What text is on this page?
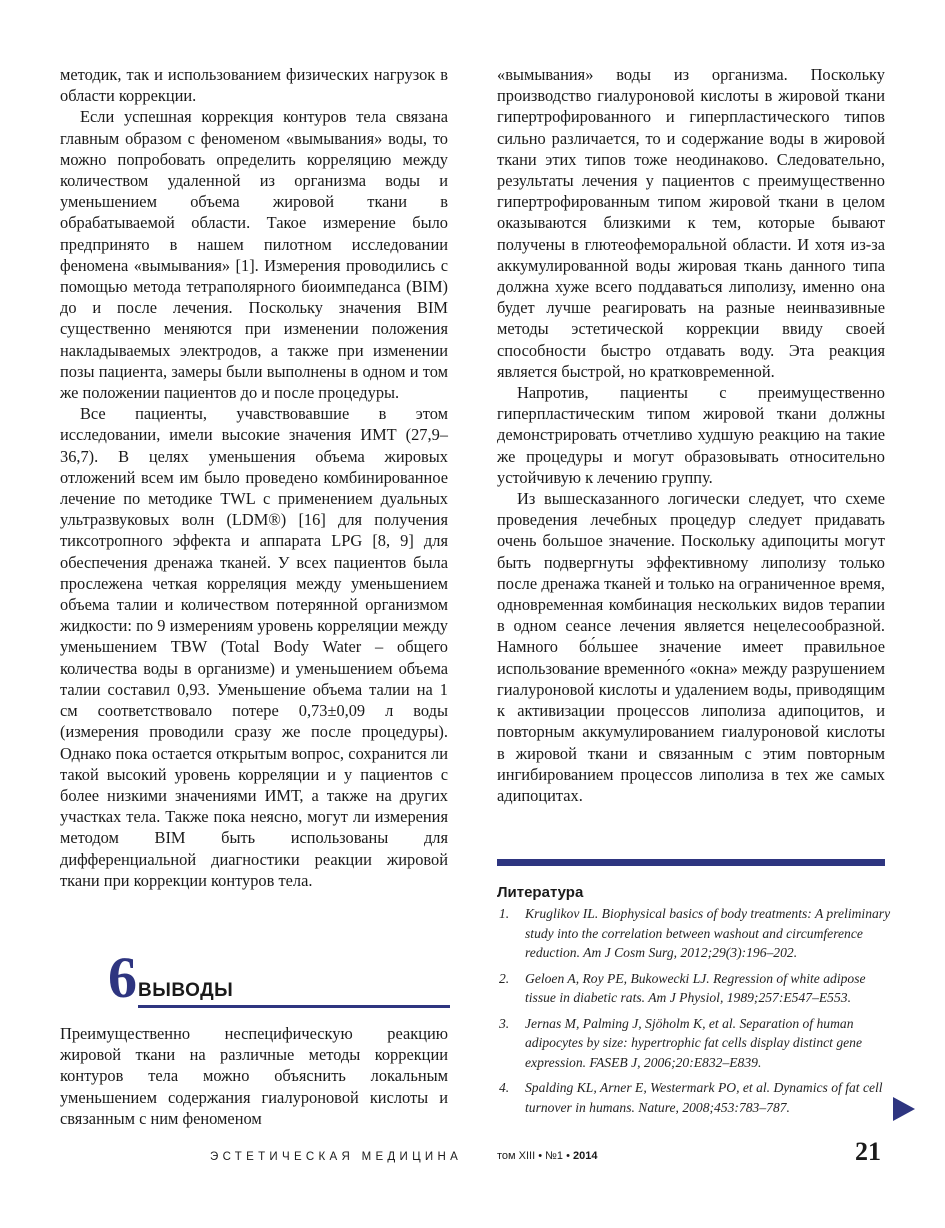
методик, так и использованием физических нагрузок в области коррекции.

Если успешная коррекция контуров тела связана главным образом с феноменом «вымывания» воды, то можно попробовать определить корреляцию между количеством удаленной из организма воды и уменьшением объема жировой ткани в обрабатываемой области. Такое измерение было предпринято в нашем пилотном исследовании феномена «вымывания» [1]. Измерения проводились с помощью метода тетраполярного биоимпеданса (BIM) до и после лечения. Поскольку значения BIM существенно меняются при изменении положения накладываемых электродов, а также при изменении позы пациента, замеры были выполнены в одном и том же положении пациентов до и после процедуры.

Все пациенты, учавствовавшие в этом исследовании, имели высокие значения ИМТ (27,9–36,7). В целях уменьшения объема жировых отложений всем им было проведено комбинированное лечение по методике TWL с применением дуальных ультразвуковых волн (LDM®) [16] для получения тиксотропного эффекта и аппарата LPG [8, 9] для обеспечения дренажа тканей. У всех пациентов была прослежена четкая корреляция между уменьшением объема талии и количеством потерянной организмом жидкости: по 9 измерениям уровень корреляции между уменьшением TBW (Total Body Water – общего количества воды в организме) и уменьшением объема талии составил 0,93. Уменьшение объема талии на 1 см соответствовало потере 0,73±0,09 л воды (измерения проводили сразу же после процедуры). Однако пока остается открытым вопрос, сохранится ли такой высокий уровень корреляции и у пациентов с более низкими значениями ИМТ, а также на других участках тела. Также пока неясно, могут ли измерения методом BIM быть использованы для дифференциальной диагностики реакции жировой ткани при коррекции контуров тела.

6 ВЫВОДЫ
Преимущественно неспецифическую реакцию жировой ткани на различные методы коррекции контуров тела можно объяснить локальным уменьшением содержания гиалуроновой кислоты и связанным с ним феноменом

«вымывания» воды из организма. Поскольку производство гиалуроновой кислоты в жировой ткани гипертрофированного и гиперпластического типов сильно различается, то и содержание воды в жировой ткани этих типов тоже неодинаково. Следовательно, результаты лечения у пациентов с преимущественно гипертрофированным типом жировой ткани в целом оказываются близкими к тем, которые бывают получены в глютеофеморальной области. И хотя из-за аккумулированной воды жировая ткань данного типа должна хуже всего поддаваться липолизу, именно она будет лучше реагировать на разные неинвазивные методы эстетической коррекции ввиду своей способности быстро отдавать воду. Эта реакция является быстрой, но кратковременной.

Напротив, пациенты с преимущественно гиперпластическим типом жировой ткани должны демонстрировать отчетливо худшую реакцию на такие же процедуры и могут образовывать относительно устойчивую к лечению группу.

Из вышесказанного логически следует, что схеме проведения лечебных процедур следует придавать очень большое значение. Поскольку адипоциты могут быть подвергнуты эффективному липолизу только после дренажа тканей и только на ограниченное время, одновременная комбинация нескольких видов терапии в одном сеансе лечения является нецелесообразной. Намного бо́льшее значение имеет правильное использование временно́го «окна» между разрушением гиалуроновой кислоты и удалением воды, приводящим к активизации процессов липолиза адипоцитов, и повторным аккумулированием гиалуроновой кислоты в жировой ткани и связанным с этим повторным ингибированием процессов липолиза в тех же самых адипоцитах.

Литература
1. Kruglikov IL. Biophysical basics of body treatments: A preliminary study into the correlation between washout and circumference reduction. Am J Cosm Surg, 2012;29(3):196–202.
2. Geloen A, Roy PE, Bukowecki LJ. Regression of white adipose tissue in diabetic rats. Am J Physiol, 1989;257:E547–E553.
3. Jernas M, Palming J, Sjöholm K, et al. Separation of human adipocytes by size: hypertrophic fat cells display distinct gene expression. FASEB J, 2006;20:E832–E839.
4. Spalding KL, Arner E, Westermark PO, et al. Dynamics of fat cell turnover in humans. Nature, 2008;453:783–787.
ЭСТЕТИЧЕСКАЯ МЕДИЦИНА	том XIII • №1 • 2014	21
